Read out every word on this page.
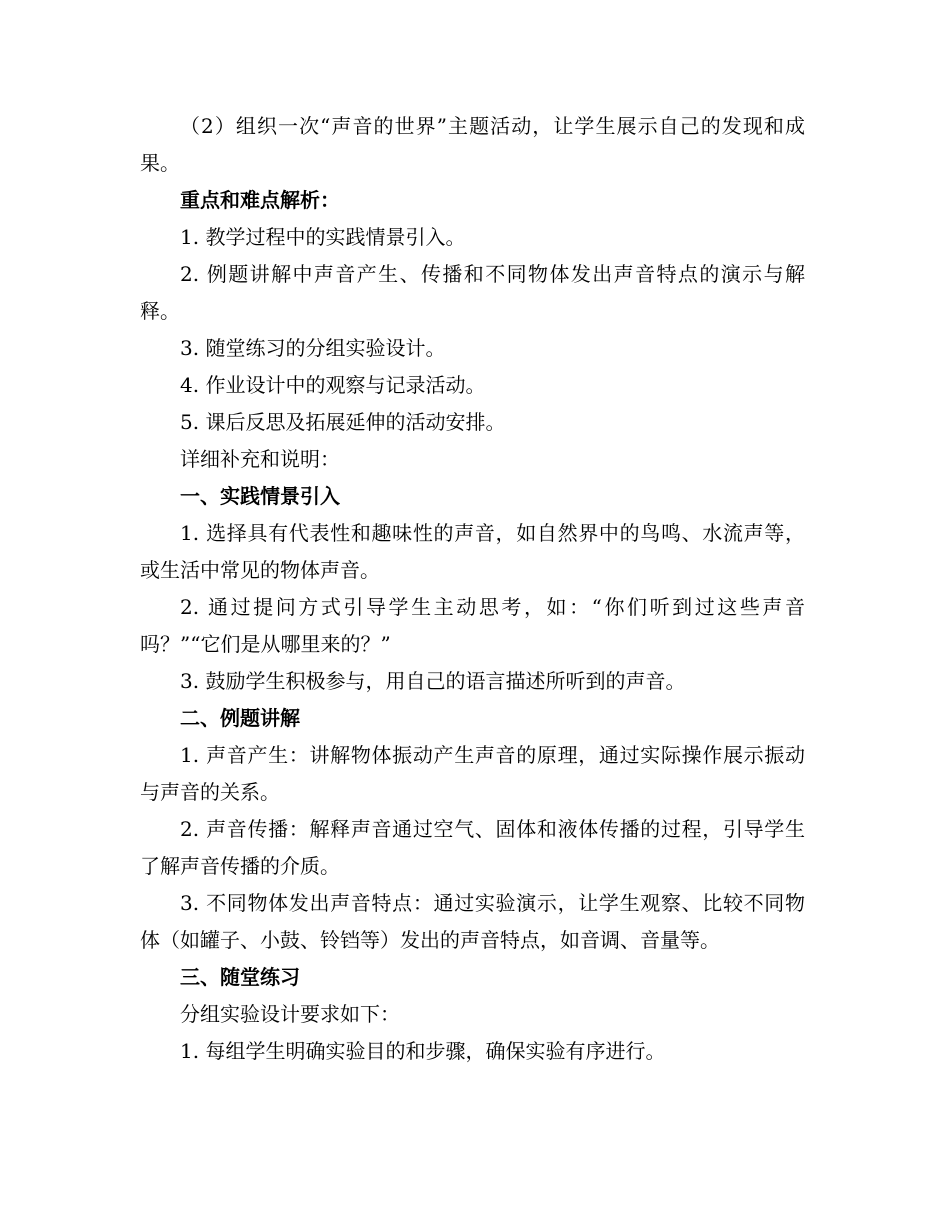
（2）组织一次“声音的世界”主题活动，让学生展示自己的发现和成果。

重点和难点解析：

1. 教学过程中的实践情景引入。

2. 例题讲解中声音产生、传播和不同物体发出声音特点的演示与解释。

3. 随堂练习的分组实验设计。

4. 作业设计中的观察与记录活动。

5. 课后反思及拓展延伸的活动安排。

详细补充和说明：

一、实践情景引入

1. 选择具有代表性和趣味性的声音，如自然界中的鸟鸣、水流声等，或生活中常见的物体声音。

2. 通过提问方式引导学生主动思考，如：“你们听到过这些声音吗？”“它们是从哪里来的？”

3. 鼓励学生积极参与，用自己的语言描述所听到的声音。

二、例题讲解

1. 声音产生：讲解物体振动产生声音的原理，通过实际操作展示振动与声音的关系。

2. 声音传播：解释声音通过空气、固体和液体传播的过程，引导学生了解声音传播的介质。

3. 不同物体发出声音特点：通过实验演示，让学生观察、比较不同物体（如罐子、小鼓、铃铛等）发出的声音特点，如音调、音量等。

三、随堂练习

分组实验设计要求如下：

1. 每组学生明确实验目的和步骤，确保实验有序进行。
